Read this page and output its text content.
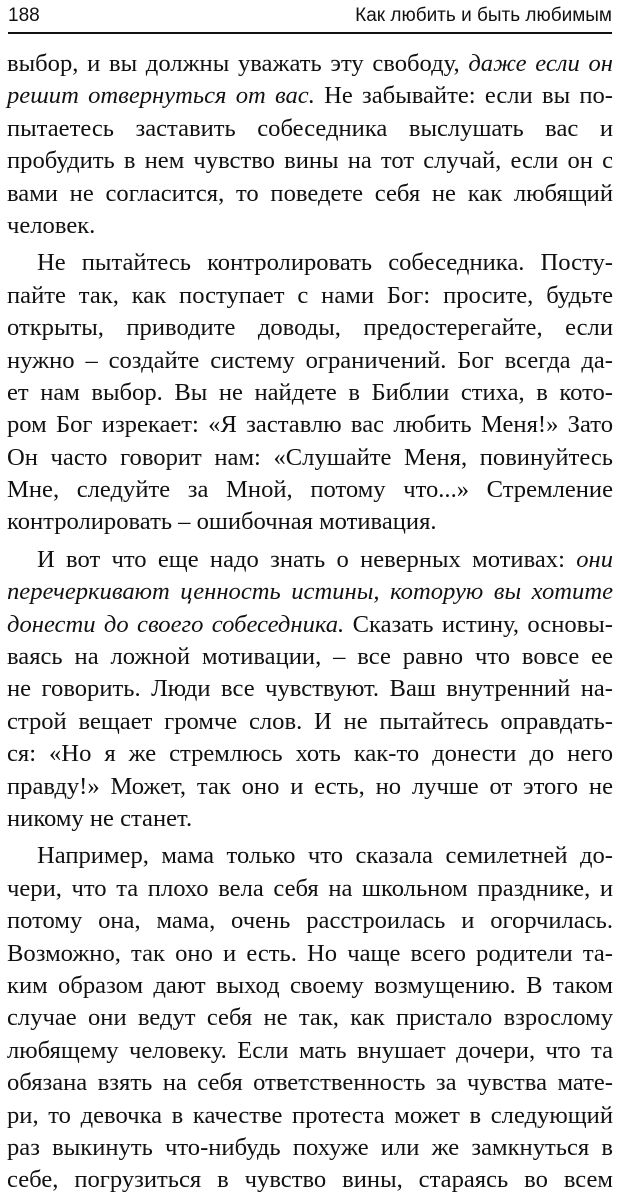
188	Как любить и быть любимым
выбор, и вы должны уважать эту свободу, даже если он
решит отвернуться от вас. Не забывайте: если вы по-
пытаетесь заставить собеседника выслушать вас и
пробудить в нем чувство вины на тот случай, если он с
вами не согласится, то поведете себя не как любящий
человек.
Не пытайтесь контролировать собеседника. Посту-
пайте так, как поступает с нами Бог: просите, будьте
открыты, приводите доводы, предостерегайте, если
нужно – создайте систему ограничений. Бог всегда да-
ет нам выбор. Вы не найдете в Библии стиха, в кото-
ром Бог изрекает: «Я заставлю вас любить Меня!» Зато
Он часто говорит нам: «Слушайте Меня, повинуйтесь
Мне, следуйте за Мной, потому что...» Стремление
контролировать – ошибочная мотивация.
И вот что еще надо знать о неверных мотивах: они
перечеркивают ценность истины, которую вы хотите
донести до своего собеседника. Сказать истину, основы-
ваясь на ложной мотивации, – все равно что вовсе ее
не говорить. Люди все чувствуют. Ваш внутренний на-
строй вещает громче слов. И не пытайтесь оправдать-
ся: «Но я же стремлюсь хоть как-то донести до него
правду!» Может, так оно и есть, но лучше от этого не
никому не станет.
Например, мама только что сказала семилетней до-
чери, что та плохо вела себя на школьном празднике, и
потому она, мама, очень расстроилась и огорчилась.
Возможно, так оно и есть. Но чаще всего родители та-
ким образом дают выход своему возмущению. В таком
случае они ведут себя не так, как пристало взрослому
любящему человеку. Если мать внушает дочери, что та
обязана взять на себя ответственность за чувства мате-
ри, то девочка в качестве протеста может в следующий
раз выкинуть что-нибудь похуже или же замкнуться в
себе, погрузиться в чувство вины, стараясь во всем
